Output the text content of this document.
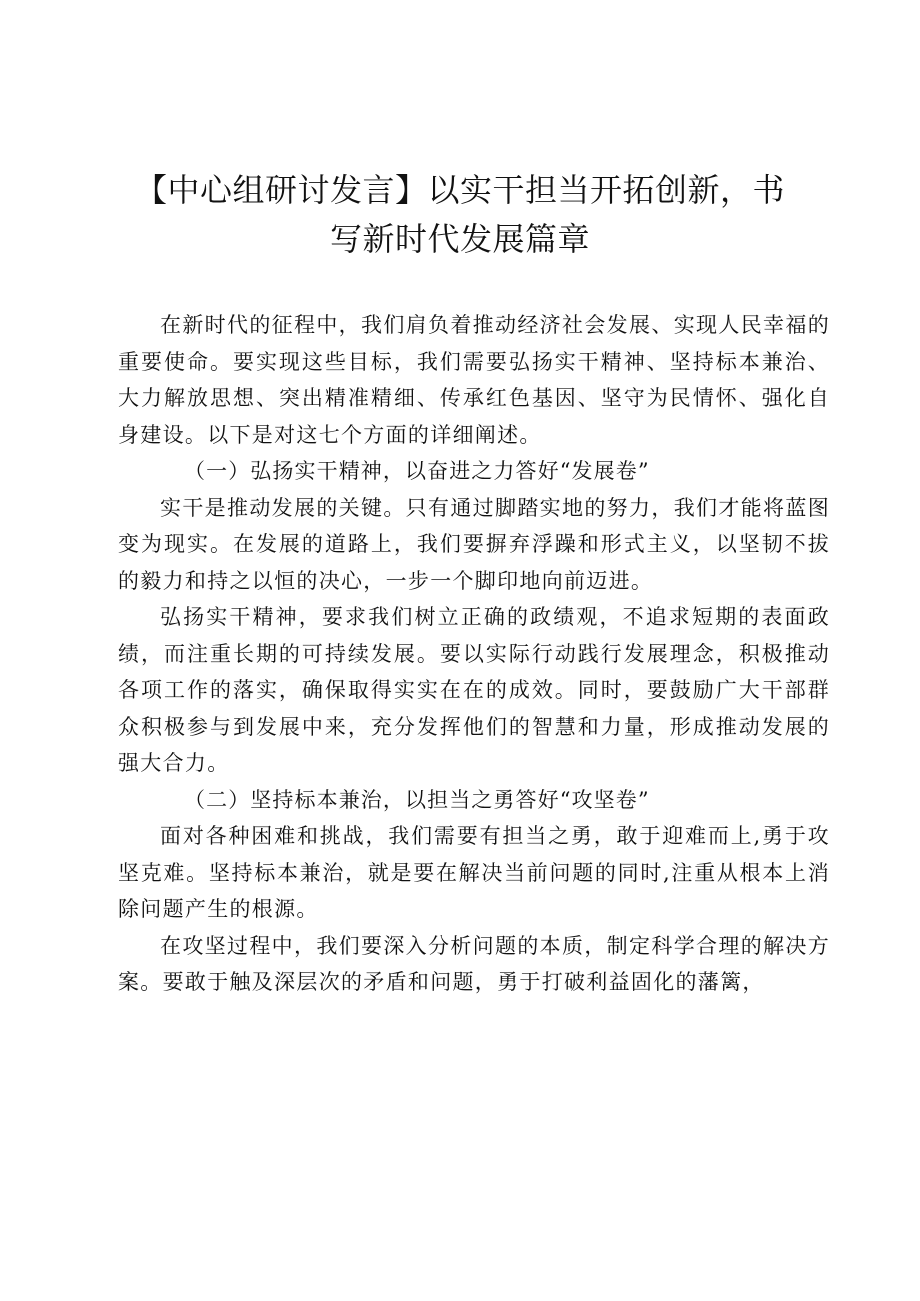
【中心组研讨发言】以实干担当开拓创新，书
写新时代发展篇章

在新时代的征程中，我们肩负着推动经济社会发展、实现人民幸福的重要使命。要实现这些目标，我们需要弘扬实干精神、坚持标本兼治、大力解放思想、突出精准精细、传承红色基因、坚守为民情怀、强化自身建设。以下是对这七个方面的详细阐述。

（一）弘扬实干精神，以奋进之力答好“发展卷”

实干是推动发展的关键。只有通过脚踏实地的努力，我们才能将蓝图变为现实。在发展的道路上，我们要摒弃浮躁和形式主义，以坚韧不拔的毅力和持之以恒的决心，一步一个脚印地向前迈进。

弘扬实干精神，要求我们树立正确的政绩观，不追求短期的表面政绩，而注重长期的可持续发展。要以实际行动践行发展理念，积极推动各项工作的落实，确保取得实实在在的成效。同时，要鼓励广大干部群众积极参与到发展中来，充分发挥他们的智慧和力量，形成推动发展的强大合力。

（二）坚持标本兼治，以担当之勇答好“攻坚卷”

面对各种困难和挑战，我们需要有担当之勇，敢于迎难而上,勇于攻坚克难。坚持标本兼治，就是要在解决当前问题的同时,注重从根本上消除问题产生的根源。

在攻坚过程中，我们要深入分析问题的本质，制定科学合理的解决方案。要敢于触及深层次的矛盾和问题，勇于打破利益固化的藩篱，
